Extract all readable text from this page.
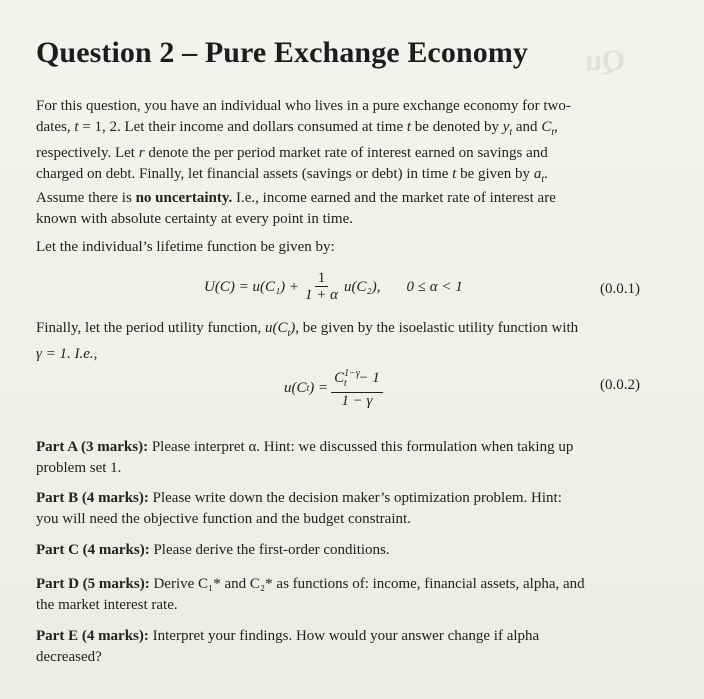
Qu

Question 2 – Pure Exchange Economy
For this question, you have an individual who lives in a pure exchange economy for two-
dates, t = 1, 2. Let their income and dollars consumed at time t be denoted by $y_t$ and $C_t$,
respectively. Let r denote the per period market rate of interest earned on savings and
charged on debt. Finally, let financial assets (savings or debt) in time t be given by $a_t$.
Assume there is no uncertainty. I.e., income earned and the market rate of interest are
known with absolute certainty at every point in time.
Let the individual’s lifetime function be given by:
$U(C) = u(C_1) + \frac{1}{1 + \alpha} u(C_2)$, 0 ≤ α < 1	(0.0.1)
Finally, let the period utility function, $u(C_t)$, be given by the isoelastic utility function with
γ = 1. I.e.,
u(C t ) = $\frac{C^{1-\gamma}_t - 1}{1 - \gamma}$	(0.0.2)
Part A (3 marks): Please interpret α. Hint: we discussed this formulation when taking up
problem set 1.
Part B (4 marks): Please write down the decision maker’s optimization problem. Hint:
you will need the objective function and the budget constraint.
Part C (4 marks): Please derive the first-order conditions.
Part D (5 marks): Derive C₁* and C₂* as functions of: income, financial assets, alpha, and
the market interest rate.
Part E (4 marks): Interpret your findings. How would your answer change if alpha
decreased?
